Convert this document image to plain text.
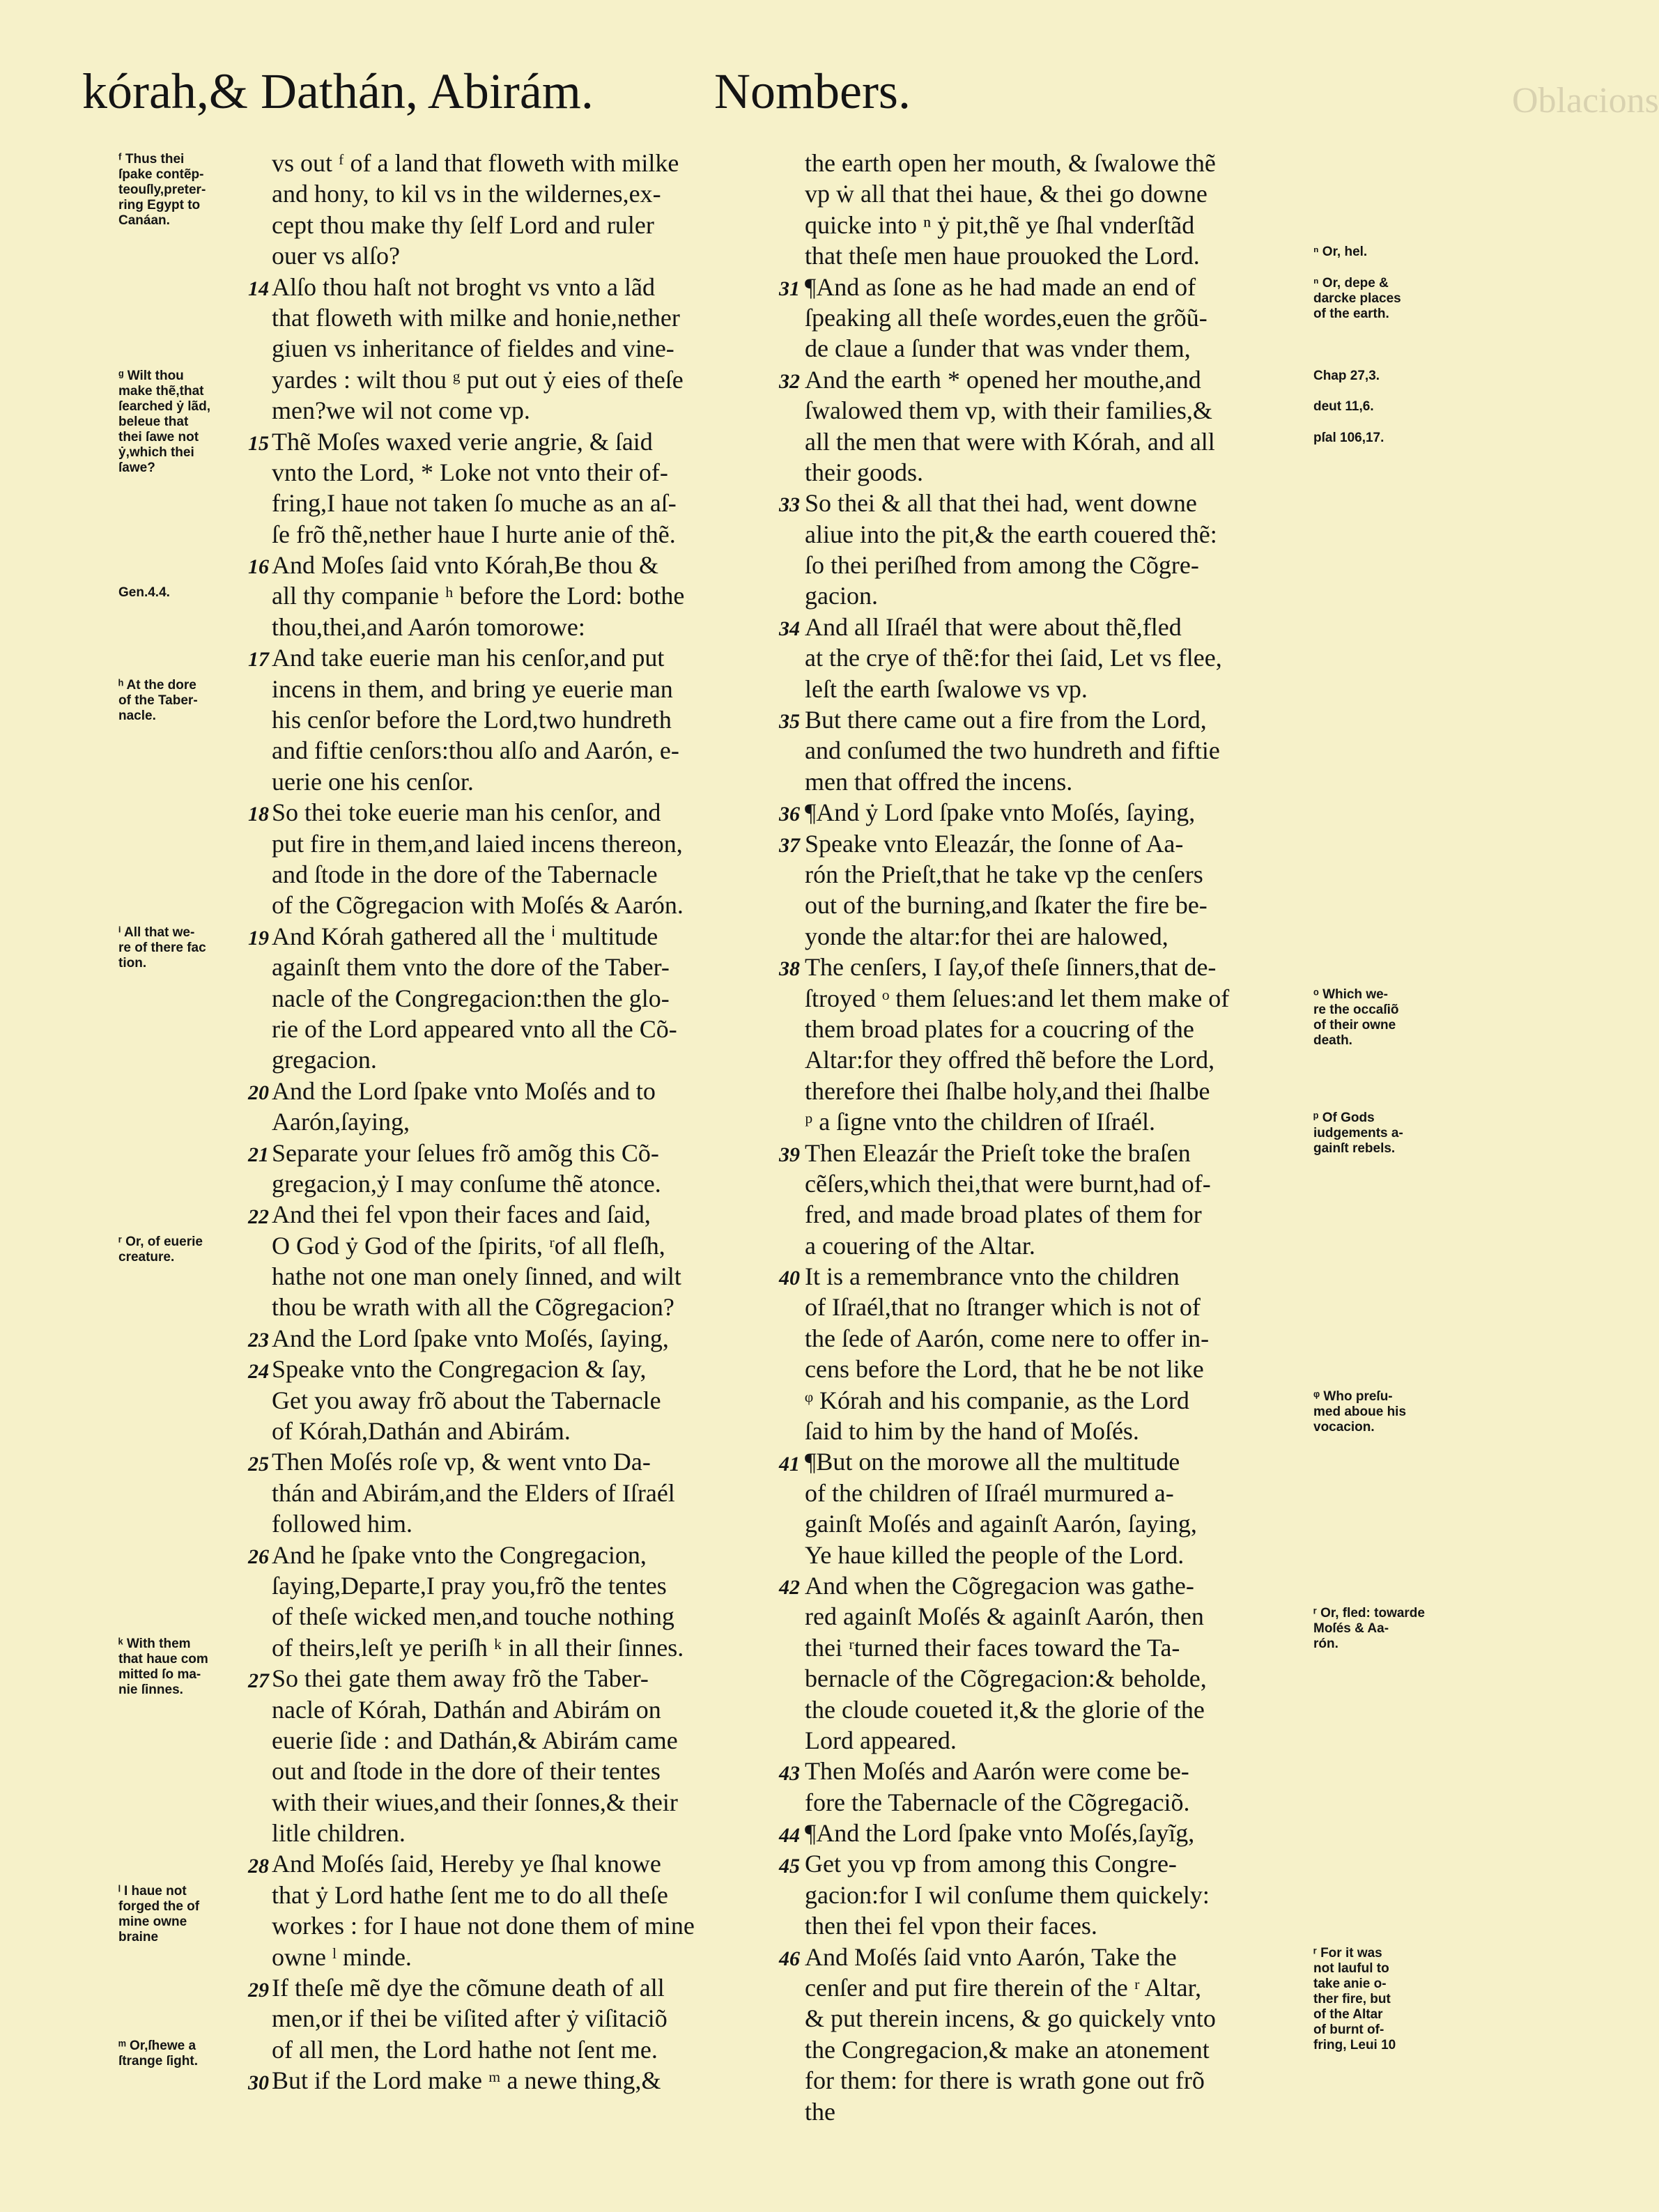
Oblacions
kórah,& Dathán, Abirám. Nombers.
ᶠ Thus thei
ſpake contẽp-
teouſly,preter-
ring Egypt to
Canáan.
ᵍ Wilt thou
make thẽ,that
ſearched ẏ lãd,
beleue that
thei ſawe not
ẏ,which thei
ſawe?
Gen.4.4.
ʰ At the dore
of the Taber-
nacle.
ⁱ All that we-
re of there fac
tion.
ʳ Or, of euerie
creature.
ᵏ With them
that haue com
mitted ſo ma-
nie ſinnes.
ˡ I haue not
forged the of
mine owne
braine
ᵐ Or,ſhewe a
ſtrange ſight.
14
15
16
17
18
19
20
21
22
23
24
25
26
27
28
29
30
vs out ᶠ of a land that floweth with milke
and hony, to kil vs in the wildernes,ex-
cept thou make thy ſelf Lord and ruler
ouer vs alſo?
Alſo thou haſt not broght vs vnto a lãd
that floweth with milke and honie,nether
giuen vs inheritance of fieldes and vine-
yardes : wilt thou ᵍ put out ẏ eies of theſe
men?we wil not come vp.
Thẽ Moſes waxed verie angrie, & ſaid
vnto the Lord, * Loke not vnto their of-
fring,I haue not taken ſo muche as an aſ-
ſe frõ thẽ,nether haue I hurte anie of thẽ.
And Moſes ſaid vnto Kórah,Be thou &
all thy companie ʰ before the Lord: bothe
thou,thei,and Aarón tomorowe:
And take euerie man his cenſor,and put
incens in them, and bring ye euerie man
his cenſor before the Lord,two hundreth
and fiftie cenſors:thou alſo and Aarón, e-
uerie one his cenſor.
So thei toke euerie man his cenſor, and
put fire in them,and laied incens thereon,
and ſtode in the dore of the Tabernacle
of the Cõgregacion with Moſés & Aarón.
And Kórah gathered all the ⁱ multitude
againſt them vnto the dore of the Taber-
nacle of the Congregacion:then the glo-
rie of the Lord appeared vnto all the Cõ-
gregacion.
And the Lord ſpake vnto Moſés and to
Aarón,ſaying,
Separate your ſelues frõ amõg this Cõ-
gregacion,ẏ I may conſume thẽ atonce.
And thei fel vpon their faces and ſaid,
O God ẏ God of the ſpirits, ʳof all fleſh,
hathe not one man onely ſinned, and wilt
thou be wrath with all the Cõgregacion?
And the Lord ſpake vnto Moſés, ſaying,
Speake vnto the Congregacion & ſay,
Get you away frõ about the Tabernacle
of Kórah,Dathán and Abirám.
Then Moſés roſe vp, & went vnto Da-
thán and Abirám,and the Elders of Iſraél
followed him.
And he ſpake vnto the Congregacion,
ſaying,Departe,I pray you,frõ the tentes
of theſe wicked men,and touche nothing
of theirs,leſt ye periſh ᵏ in all their ſinnes.
So thei gate them away frõ the Taber-
nacle of Kórah, Dathán and Abirám on
euerie ſide : and Dathán,& Abirám came
out and ſtode in the dore of their tentes
with their wiues,and their ſonnes,& their
litle children.
And Moſés ſaid, Hereby ye ſhal knowe
that ẏ Lord hathe ſent me to do all theſe
workes : for I haue not done them of mine
owne ˡ minde.
If theſe mẽ dye the cõmune death of all
men,or if thei be viſited after ẏ viſitaciõ
of all men, the Lord hathe not ſent me.
But if the Lord make ᵐ a newe thing,&
31
32
33
34
35
36
37
38
39
40
41
42
43
44
45
46
the earth open her mouth, & ſwalowe thẽ
vp ẇ all that thei haue, & thei go downe
quicke into ⁿ ẏ pit,thẽ ye ſhal vnderſtãd
that theſe men haue prouoked the Lord.
¶And as ſone as he had made an end of
ſpeaking all theſe wordes,euen the grõũ-
de claue a ſunder that was vnder them,
And the earth * opened her mouthe,and
ſwalowed them vp, with their families,&
all the men that were with Kórah, and all
their goods.
So thei & all that thei had, went downe
aliue into the pit,& the earth couered thẽ:
ſo thei periſhed from among the Cõgre-
gacion.
And all Iſraél that were about thẽ,fled
at the crye of thẽ:for thei ſaid, Let vs flee,
leſt the earth ſwalowe vs vp.
But there came out a fire from the Lord,
and conſumed the two hundreth and fiftie
men that offred the incens.
¶And ẏ Lord ſpake vnto Moſés, ſaying,
Speake vnto Eleazár, the ſonne of Aa-
rón the Prieſt,that he take vp the cenſers
out of the burning,and ſkater the fire be-
yonde the altar:for thei are halowed,
The cenſers, I ſay,of theſe ſinners,that de-
ſtroyed ᵒ them ſelues:and let them make of
them broad plates for a coucring of the
Altar:for they offred thẽ before the Lord,
therefore thei ſhalbe holy,and thei ſhalbe
ᵖ a ſigne vnto the children of Iſraél.
Then Eleazár the Prieſt toke the braſen
cẽſers,which thei,that were burnt,had of-
fred, and made broad plates of them for
a couering of the Altar.
It is a remembrance vnto the children
of Iſraél,that no ſtranger which is not of
the ſede of Aarón, come nere to offer in-
cens before the Lord, that he be not like
ᵠ Kórah and his companie, as the Lord
ſaid to him by the hand of Moſés.
¶But on the morowe all the multitude
of the children of Iſraél murmured a-
gainſt Moſés and againſt Aarón, ſaying,
Ye haue killed the people of the Lord.
And when the Cõgregacion was gathe-
red againſt Moſés & againſt Aarón, then
thei ʳturned their faces toward the Ta-
bernacle of the Cõgregacion:& beholde,
the cloude coueted it,& the glorie of the
Lord appeared.
Then Moſés and Aarón were come be-
fore the Tabernacle of the Cõgregaciõ.
¶And the Lord ſpake vnto Moſés,ſayĩg,
Get you vp from among this Congre-
gacion:for I wil conſume them quickely:
then thei fel vpon their faces.
And Moſés ſaid vnto Aarón, Take the
cenſer and put fire therein of the ʳ Altar,
& put therein incens, & go quickely vnto
the Congregacion,& make an atonement
for them: for there is wrath gone out frõ
the
ⁿ Or, hel.
ⁿ Or, depe &
darcke places
of the earth.
Chap 27,3.
deut 11,6.
pſal 106,17.
ᵒ Which we-
re the occaſiõ
of their owne
death.
ᵖ Of Gods
iudgements a-
gainſt rebels.
ᵠ Who preſu-
med aboue his
vocacion.
ʳ Or, fled: towarde
Moſés & Aa-
rón.
ʳ For it was
not lauful to
take anie o-
ther fire, but
of the Altar
of burnt of-
fring, Leui 10
